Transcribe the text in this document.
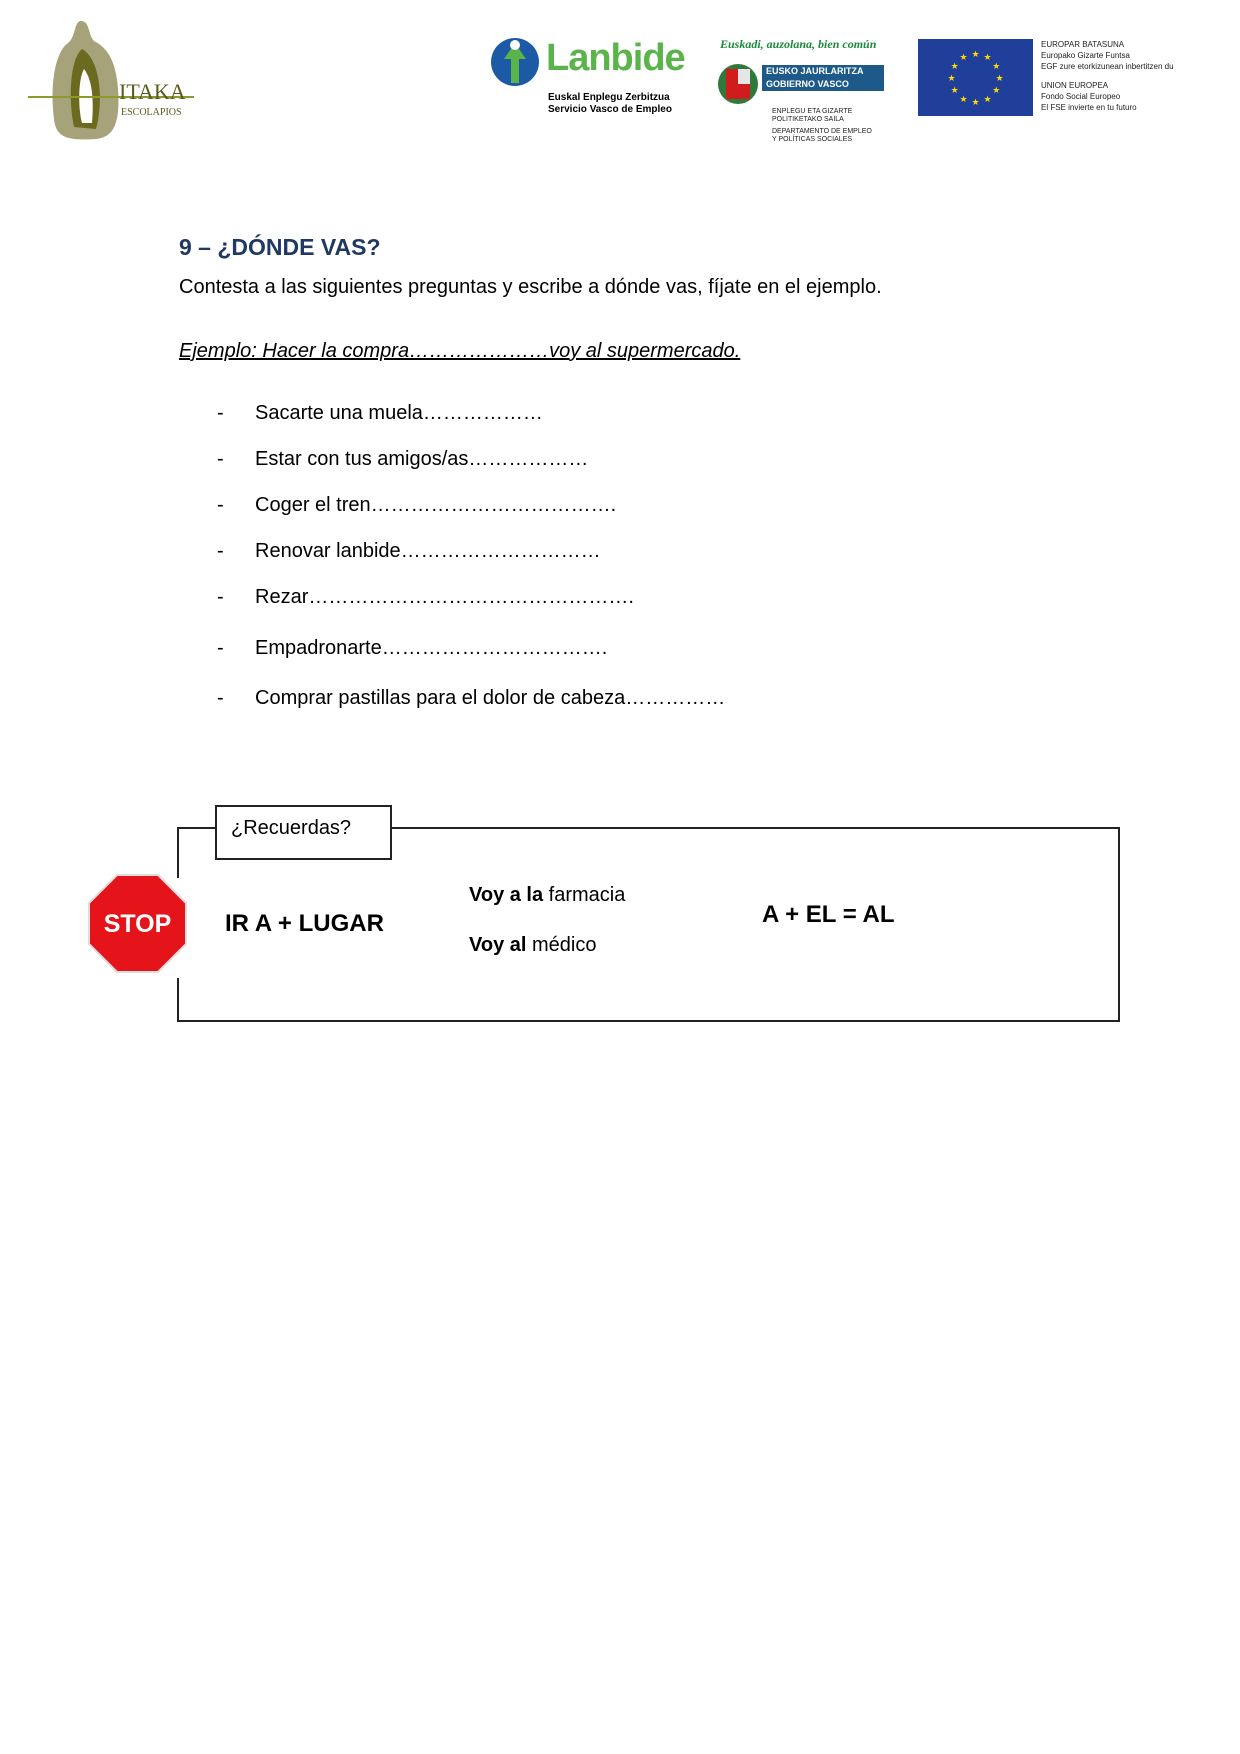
ITAKA
ESCOLAPIOS
Lanbide
Euskal Enplegu Zerbitzua
Servicio Vasco de Empleo
Euskadi, auzolana, bien común
EUSKO JAURLARITZA
GOBIERNO VASCO
ENPLEGU ETA GIZARTE
POLITIKETAKO SAILA
DEPARTAMENTO DE EMPLEO
Y POLÍTICAS SOCIALES
★ ★
★
★
★
★
★
★
★
★
★
★
EUROPAR BATASUNA
Europako Gizarte Funtsa
EGF zure etorkizunean inbertitzen du
UNION EUROPEA
Fondo Social Europeo
El FSE invierte en tu futuro
9 – ¿DÓNDE VAS?
Contesta a las siguientes preguntas y escribe a dónde vas, fíjate en el ejemplo.
Ejemplo: Hacer la compra…………………voy al supermercado.
- Sacarte una muela………………
- Estar con tus amigos/as………………
- Coger el tren……………………………….
- Renovar lanbide…………………………
- Rezar………………………………………….
- Empadronarte…………………………….
- Comprar pastillas para el dolor de cabeza……………
¿Recuerdas?
STOP IR A + LUGAR
Voy a la farmacia
Voy al médico
A + EL = AL
